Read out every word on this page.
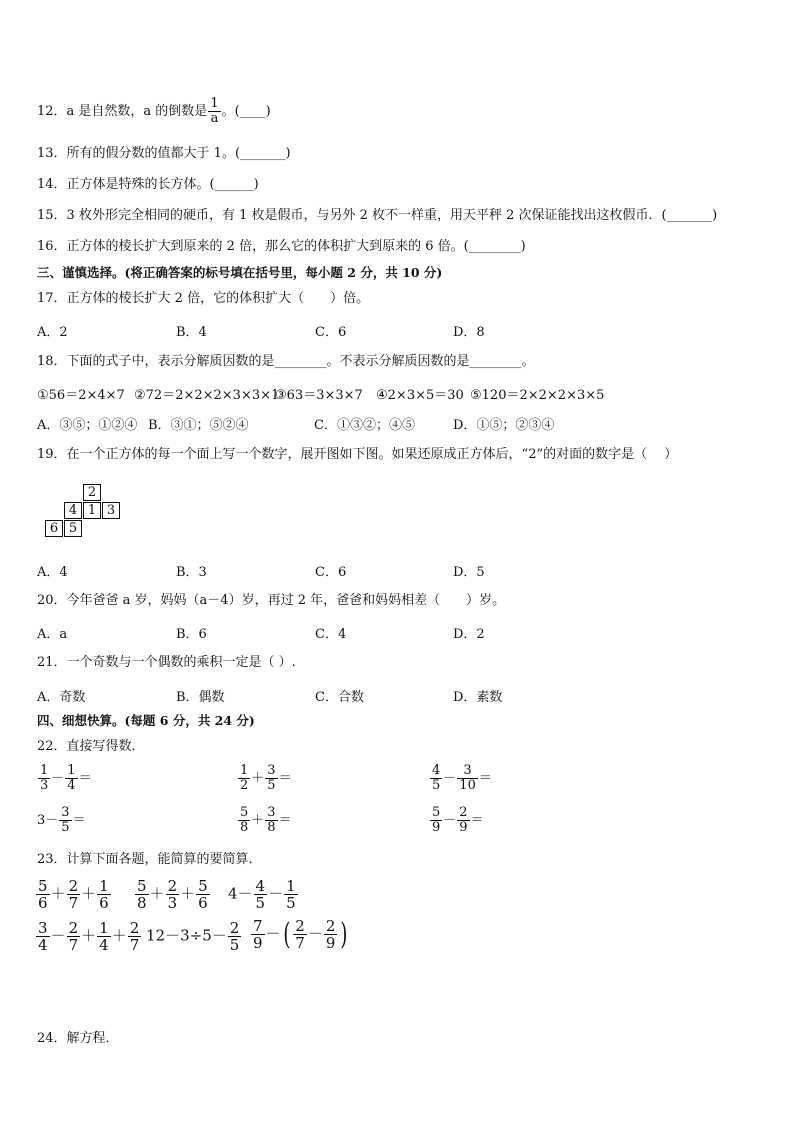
12．a 是自然数，a 的倒数是 $\frac{1}{a}$ 。(____)
13．所有的假分数的值都大于 1。(_______)
14．正方体是特殊的长方体。(______)
15．3 枚外形完全相同的硬币，有 1 枚是假币，与另外 2 枚不一样重，用天平秤 2 次保证能找出这枚假币．(_______)
16．正方体的棱长扩大到原来的 2 倍，那么它的体积扩大到原来的 6 倍。(________)
三、谨慎选择。(将正确答案的标号填在括号里，每小题 2 分，共 10 分)
17．正方体的棱长扩大 2 倍，它的体积扩大（　　）倍。
A．2	B．4	C．6	D．8
18．下面的式子中，表示分解质因数的是________。不表示分解质因数的是________。
①56＝2×4×7 ②72＝2×2×2×3×3×1
③63＝3×3×7 ④2×3×5＝30 ⑤120＝2×2×2×3×5
A．③⑤；①②④ B．③①；⑤②④	C．①③②；④⑤	D．①⑤；②③④
19．在一个正方体的每一个面上写一个数字，展开图如下图。如果还原成正方体后，“2”的对面的数字是（　 ）
2
4 1 3
6 5
A．4	B．3	C．6	D．5
20．今年爸爸 a 岁，妈妈（a－4）岁，再过 2 年，爸爸和妈妈相差（　　）岁。
A．a	B．6	C．4	D．2
21．一个奇数与一个偶数的乘积一定是（ ）.
A．奇数	B．偶数	C．合数	D．素数
四、细想快算。(每题 6 分，共 24 分)
22．直接写得数．
$\frac{1}{3} - \frac{1}{4}$ ＝	$\frac{1}{2} + \frac{3}{5}$ ＝	$\frac{4}{5} - \frac{3}{10}$ ＝
$3- \frac{3}{5}$ ＝	$\frac{5}{8} + \frac{3}{8}$ ＝	$\frac{5}{9} - \frac{2}{9}$ ＝
23．计算下面各题，能简算的要简算．
$\frac{5}{6} + \frac{2}{7} + \frac{1}{6} \frac{5}{8} + \frac{2}{3} + \frac{5}{6} 4- \frac{4}{5} - \frac{1}{5}$
$\frac{3}{4} - \frac{2}{7} + \frac{1}{4} + \frac{2}{7} 12-3\div 5- \frac{2}{5} \frac{7}{9}$ －( $\frac{2}{7} - \frac{2}{9}$ )
24．解方程．
